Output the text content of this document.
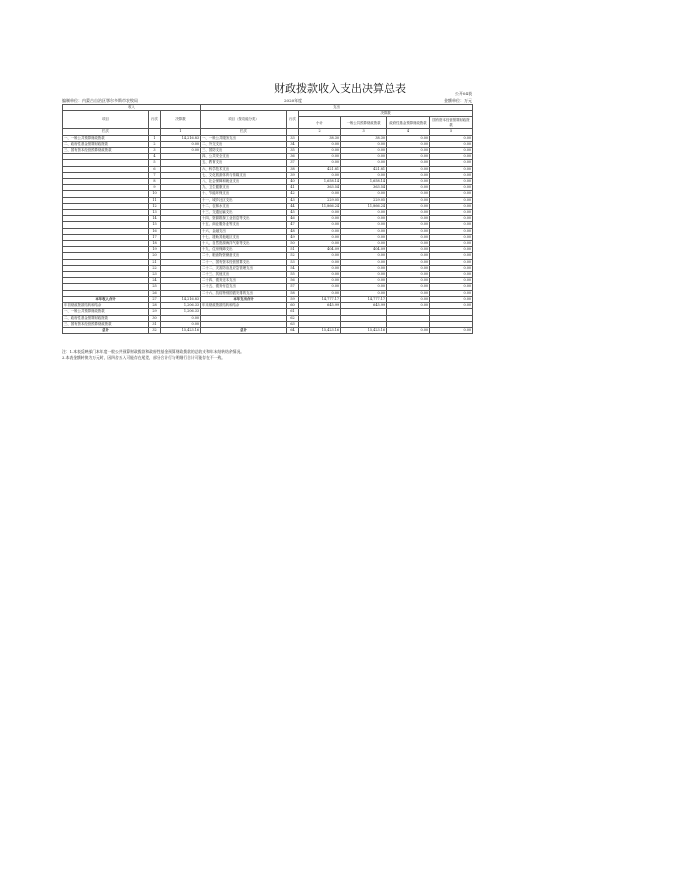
财政拨款收入支出决算总表	公开04表
编制单位：内蒙古自治区鄂尔多斯市农牧局	2020年度	金额单位：万元
收入			支出					
项目	行次	决算数	项目（按功能分类）	行次	决算数			
					小计	一般公共预算财政拨款	政府性基金预算财政拨款	国有资本经营预算财政拨款
栏次		1	栏次		2	3	4	5
一、一般公共预算财政拨款	1	14,216.83	一、一般公共服务支出	33	38.30	38.30	0.00	0.00
二、政府性基金预算财政拨款	2	0.00	二、外交支出	34	0.00	0.00	0.00	0.00
三、国有资本经营预算财政拨款	3	0.00	三、国防支出	35	0.00	0.00	0.00	0.00
	4		四、公共安全支出	36	0.00	0.00	0.00	0.00
	5		五、教育支出	37	0.00	0.00	0.00	0.00
	6		六、科学技术支出	38	421.81	421.81	0.00	0.00
	7		七、文化旅游体育与传媒支出	39	0.00	0.00	0.00	0.00
	8		八、社会保障和就业支出	40	1,658.14	1,658.14	0.00	0.00
	9		九、卫生健康支出	41	363.54	363.54	0.00	0.00
	10		十、节能环保支出	42	0.00	0.00	0.00	0.00
	11		十一、城乡社区支出	43	229.05	229.05	0.00	0.00
	12		十二、农林水支出	44	11,866.24	11,866.24	0.00	0.00
	13		十三、交通运输支出	45	0.00	0.00	0.00	0.00
	14		十四、资源勘探工业信息等支出	46	0.00	0.00	0.00	0.00
	15		十五、商业服务业等支出	47	0.00	0.00	0.00	0.00
	16		十六、金融支出	48	0.00	0.00	0.00	0.00
	17		十七、援助其他地区支出	49	0.00	0.00	0.00	0.00
	18		十八、自然资源海洋气象等支出	50	0.00	0.00	0.00	0.00
	19		十九、住房保障支出	51	404.09	404.09	0.00	0.00
	20		二十、粮油物资储备支出	52	0.00	0.00	0.00	0.00
	21		二十一、国有资本经营预算支出	53	0.00	0.00	0.00	0.00
	22		二十二、灾害防治及应急管理支出	54	0.00	0.00	0.00	0.00
	23		二十三、其他支出	55	0.00	0.00	0.00	0.00
	24		二十四、债务还本支出	56	0.00	0.00	0.00	0.00
	25		二十五、债务付息支出	57	0.00	0.00	0.00	0.00
	26		二十六、抗疫特别国债安排的支出	58	0.00	0.00	0.00	0.00
本年收入合计	27	14,216.83	本年支出合计	59	14,777.17	14,777.17	0.00	0.00
年初财政拨款结转和结余	28	1,206.33	年末财政拨款结转和结余	60	645.99	645.99	0.00	0.00
一、一般公共预算财政拨款	29	1,206.33		61				
二、政府性基金预算财政拨款	30	0.00		62				
三、国有资本经营预算财政拨款	31	0.00		63				
总计	32	15,423.16	总计	64	15,423.16	15,423.16	0.00	0.00
注：1.本表反映部门本年度一般公共预算财政拨款和政府性基金预算财政拨款的总收支和年末结转结余情况。
2.本表金额转换为万元时，因四舍五入可能存在尾差，部分合计行与明细行合计可能存在不一致。
